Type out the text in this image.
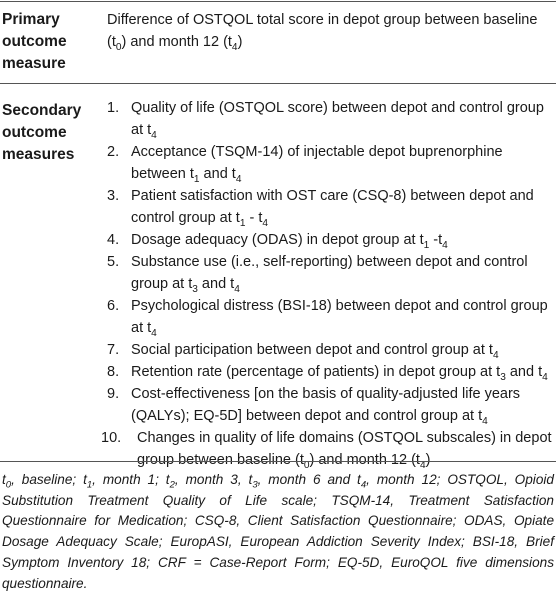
Primary outcome measure
Difference of OSTQOL total score in depot group between baseline $(t_0)$ and month 12 $(t_4)$
Secondary outcome measures
1. Quality of life (OSTQOL score) between depot and control group at $t_4$
2. Acceptance (TSQM-14) of injectable depot buprenorphine between $t_1$ and $t_4$
3. Patient satisfaction with OST care (CSQ-8) between depot and control group at $t_1 - t_4$
4. Dosage adequacy (ODAS) in depot group at $t_1$ $-t_4$
5. Substance use (i.e., self-reporting) between depot and control group at $t_3$ and $t_4$
6. Psychological distress (BSI-18) between depot and control group at $t_4$
7. Social participation between depot and control group at $t_4$
8. Retention rate (percentage of patients) in depot group at $t_3$ and $t_4$
9. Cost-effectiveness [on the basis of quality-adjusted life years (QALYs); EQ-5D] between depot and control group at $t_4$
10. Changes in quality of life domains (OSTQOL subscales) in depot group between baseline $(t_0)$ and month 12 $(t_4)$
$t_0$, baseline; $t_1$, month 1; $t_2$, month 3, $t_3$, month 6 and $t_4$, month 12; OSTQOL, Opioid Substitution Treatment Quality of Life scale; TSQM-14, Treatment Satisfaction Questionnaire for Medication; CSQ-8, Client Satisfaction Questionnaire; ODAS, Opiate Dosage Adequacy Scale; EuropASI, European Addiction Severity Index; BSI-18, Brief Symptom Inventory 18; CRF = Case-Report Form; EQ-5D, EuroQOL five dimensions questionnaire.
